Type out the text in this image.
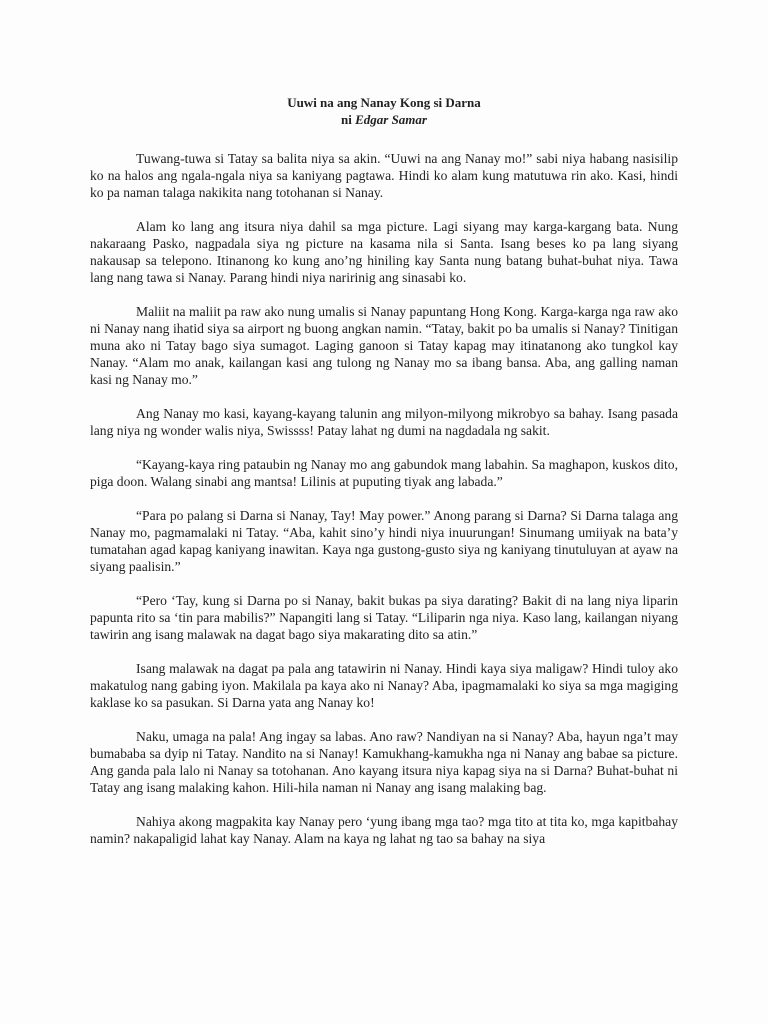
Uuwi na ang Nanay Kong si Darna
ni Edgar Samar

Tuwang-tuwa si Tatay sa balita niya sa akin. “Uuwi na ang Nanay mo!” sabi niya habang nasisilip ko na halos ang ngala-ngala niya sa kaniyang pagtawa. Hindi ko alam kung matutuwa rin ako. Kasi, hindi ko pa naman talaga nakikita nang totohanan si Nanay.

Alam ko lang ang itsura niya dahil sa mga picture. Lagi siyang may karga-kargang bata. Nung nakaraang Pasko, nagpadala siya ng picture na kasama nila si Santa. Isang beses ko pa lang siyang nakausap sa telepono. Itinanong ko kung ano’ng hiniling kay Santa nung batang buhat-buhat niya. Tawa lang nang tawa si Nanay. Parang hindi niya naririnig ang sinasabi ko.

Maliit na maliit pa raw ako nung umalis si Nanay papuntang Hong Kong. Karga-karga nga raw ako ni Nanay nang ihatid siya sa airport ng buong angkan namin. “Tatay, bakit po ba umalis si Nanay? Tinitigan muna ako ni Tatay bago siya sumagot. Laging ganoon si Tatay kapag may itinatanong ako tungkol kay Nanay. “Alam mo anak, kailangan kasi ang tulong ng Nanay mo sa ibang bansa. Aba, ang galling naman kasi ng Nanay mo.”

Ang Nanay mo kasi, kayang-kayang talunin ang milyon-milyong mikrobyo sa bahay. Isang pasada lang niya ng wonder walis niya, Swissss! Patay lahat ng dumi na nagdadala ng sakit.

“Kayang-kaya ring pataubin ng Nanay mo ang gabundok mang labahin. Sa maghapon, kuskos dito, piga doon. Walang sinabi ang mantsa! Lilinis at puputing tiyak ang labada.”

“Para po palang si Darna si Nanay, Tay! May power.” Anong parang si Darna? Si Darna talaga ang Nanay mo, pagmamalaki ni Tatay. “Aba, kahit sino’y hindi niya inuurungan! Sinumang umiiyak na bata’y tumatahan agad kapag kaniyang inawitan. Kaya nga gustong-gusto siya ng kaniyang tinutuluyan at ayaw na siyang paalisin.”

“Pero ‘Tay, kung si Darna po si Nanay, bakit bukas pa siya darating? Bakit di na lang niya liparin papunta rito sa ‘tin para mabilis?” Napangiti lang si Tatay. “Liliparin nga niya. Kaso lang, kailangan niyang tawirin ang isang malawak na dagat bago siya makarating dito sa atin.”

Isang malawak na dagat pa pala ang tatawirin ni Nanay. Hindi kaya siya maligaw? Hindi tuloy ako makatulog nang gabing iyon. Makilala pa kaya ako ni Nanay? Aba, ipagmamalaki ko siya sa mga magiging kaklase ko sa pasukan. Si Darna yata ang Nanay ko!

Naku, umaga na pala! Ang ingay sa labas. Ano raw? Nandiyan na si Nanay? Aba, hayun nga’t may bumababa sa dyip ni Tatay. Nandito na si Nanay! Kamukhang-kamukha nga ni Nanay ang babae sa picture. Ang ganda pala lalo ni Nanay sa totohanan. Ano kayang itsura niya kapag siya na si Darna? Buhat-buhat ni Tatay ang isang malaking kahon. Hili-hila naman ni Nanay ang isang malaking bag.

Nahiya akong magpakita kay Nanay pero ‘yung ibang mga tao? mga tito at tita ko, mga kapitbahay namin? nakapaligid lahat kay Nanay. Alam na kaya ng lahat ng tao sa bahay na siya
